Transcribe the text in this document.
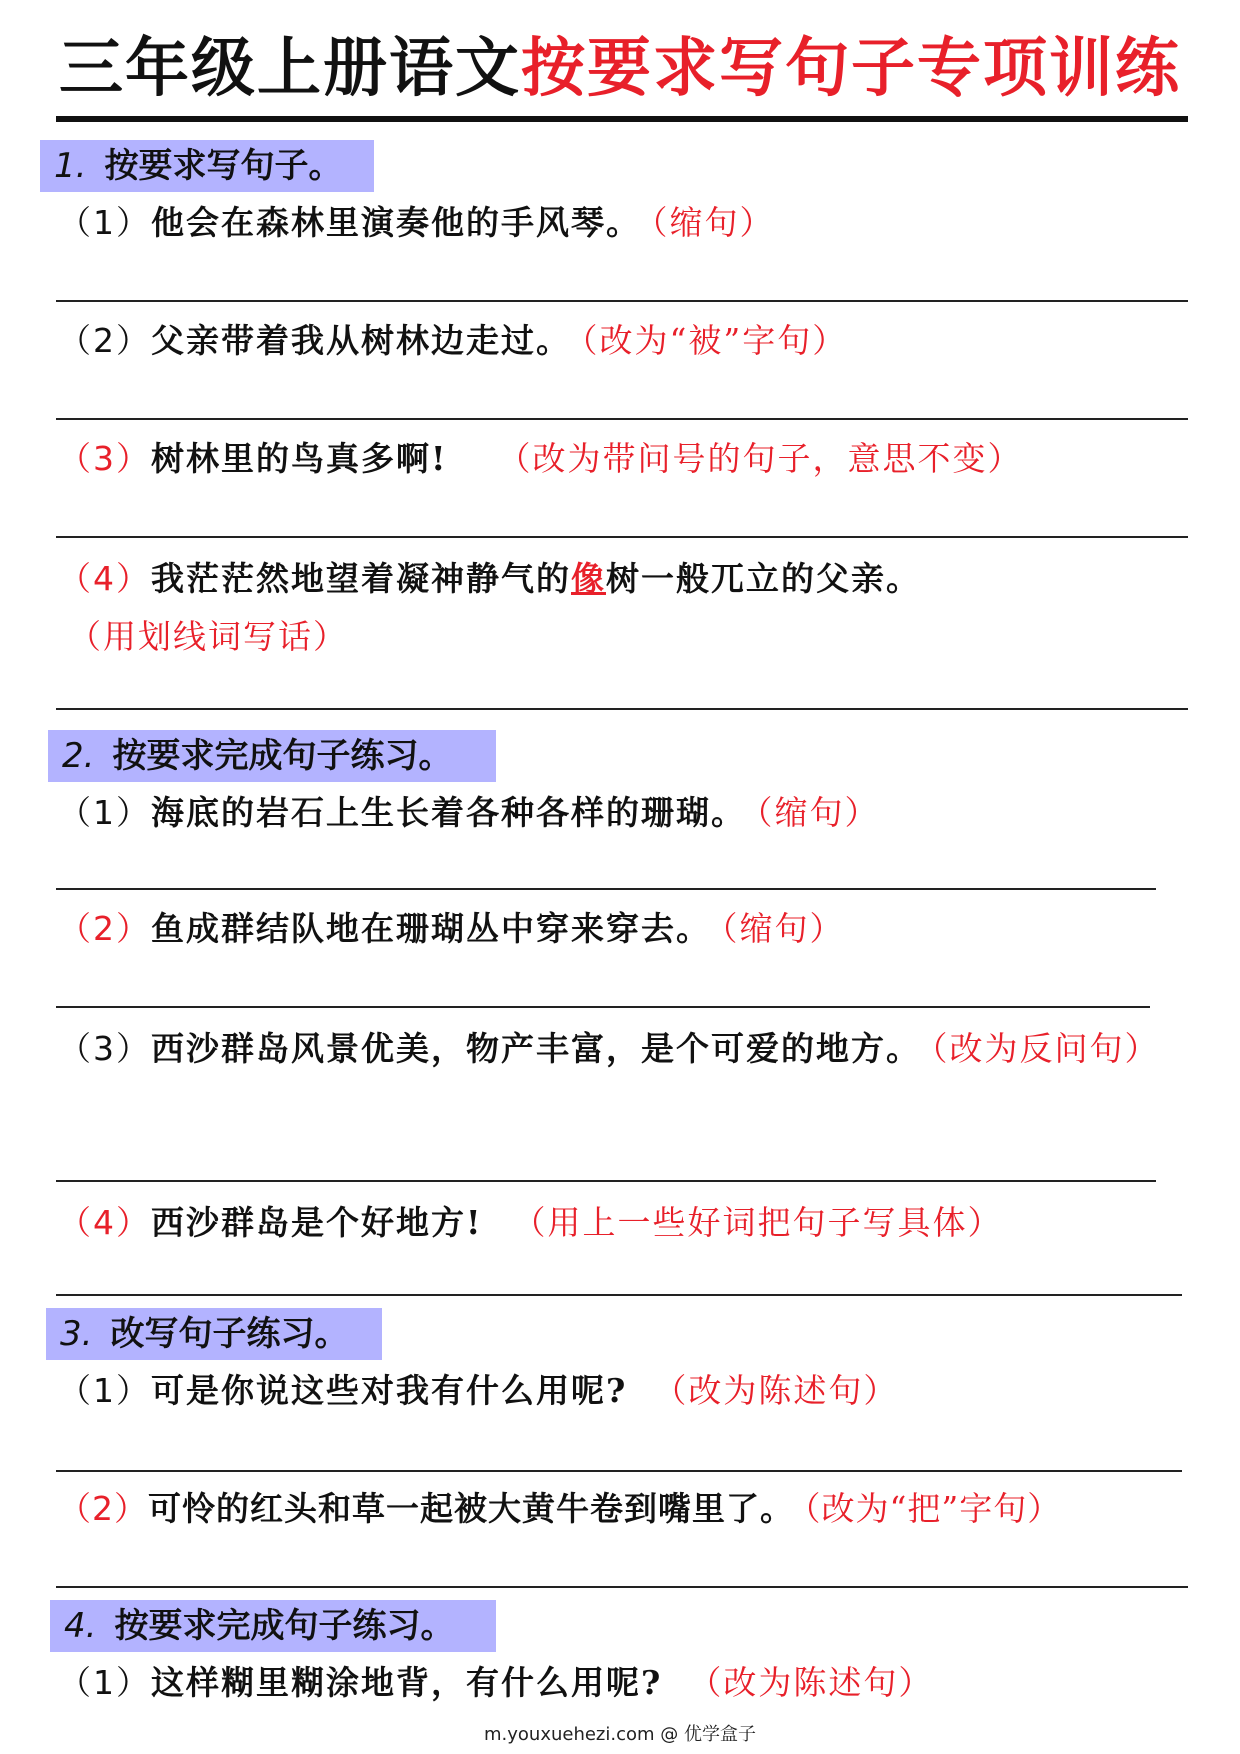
三年级上册语文按要求写句子专项训练
1. 按要求写句子。
（1）他会在森林里演奏他的手风琴。 （缩句）
（2）父亲带着我从树林边走过。 （改为“被”字句）
（3）树林里的鸟真多啊! （改为带问号的句子，意思不变）
（4）我茫茫然地望着凝神静气的像树一般兀立的父亲。（用划线词写话）
2. 按要求完成句子练习。
（1）海底的岩石上生长着各种各样的珊瑚。 （缩句）
（2）鱼成群结队地在珊瑚丛中穿来穿去。 （缩句）
（3）西沙群岛风景优美，物产丰富，是个可爱的地方。 （改为反问句）
（4）西沙群岛是个好地方! （用上一些好词把句子写具体）
3. 改写句子练习。
（1）可是你说这些对我有什么用呢? （改为陈述句）
（2）可怜的红头和草一起被大黄牛卷到嘴里了。 （改为“把”字句）
4. 按要求完成句子练习。
（1）这样糊里糊涂地背，有什么用呢? （改为陈述句）
m.youxuehezi.com @ 优学盒子
